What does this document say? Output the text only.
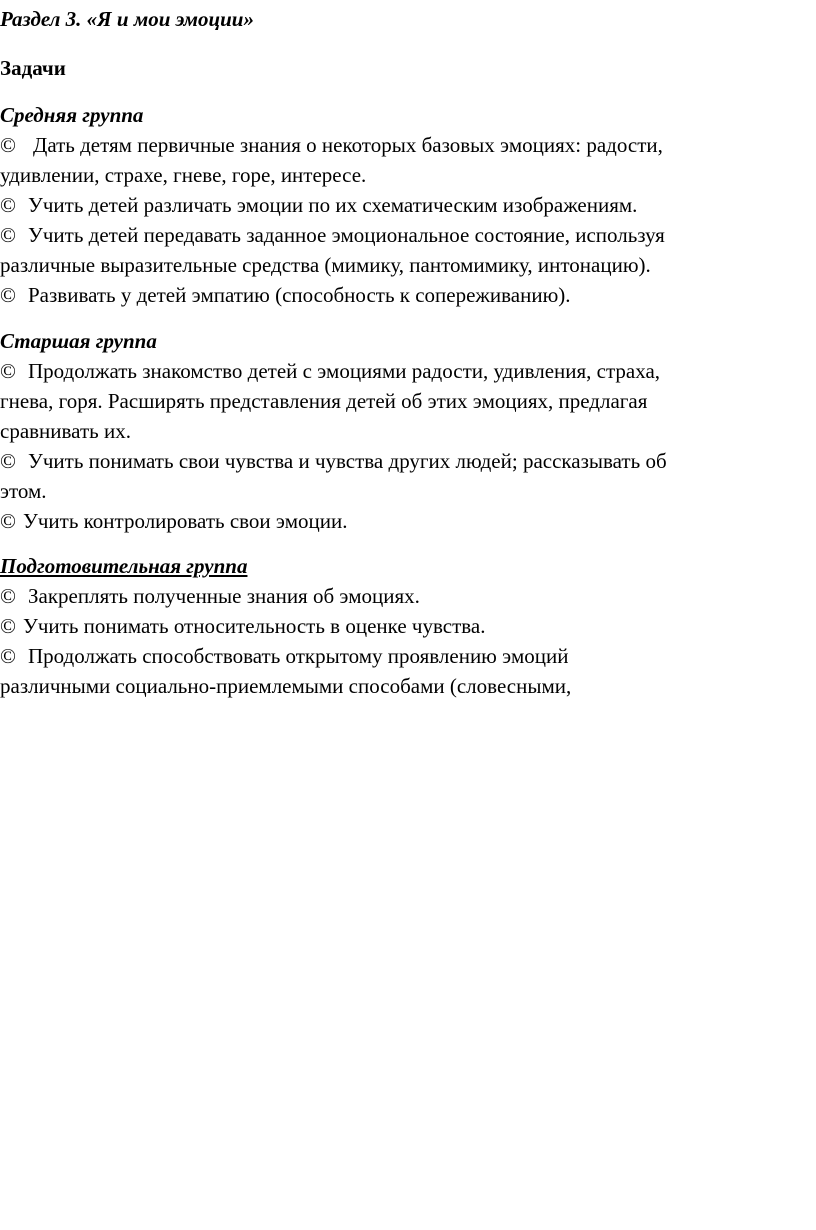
Раздел 3. «Я и мои эмоции»

Задачи

Средняя группа

© Дать детям первичные знания о некоторых базовых эмоциях: радости,

удивлении, страхе, гневе, горе, интересе.

© Учить детей различать эмоции по их схематическим изображениям.

© Учить детей передавать заданное эмоциональное состояние, используя

различные выразительные средства (мимику, пантомимику, интонацию).

© Развивать у детей эмпатию (способность к сопереживанию).

Старшая группа

© Продолжать знакомство детей с эмоциями радости, удивления, страха,

гнева, горя. Расширять представления детей об этих эмоциях, предлагая

сравнивать их.

© Учить понимать свои чувства и чувства других людей; рассказывать об

этом.

© Учить контролировать свои эмоции.

Подготовительная группа

© Закреплять полученные знания об эмоциях.

© Учить понимать относительность в оценке чувства.

© Продолжать способствовать открытому проявлению эмоций

различными социально-приемлемыми способами (словесными,
